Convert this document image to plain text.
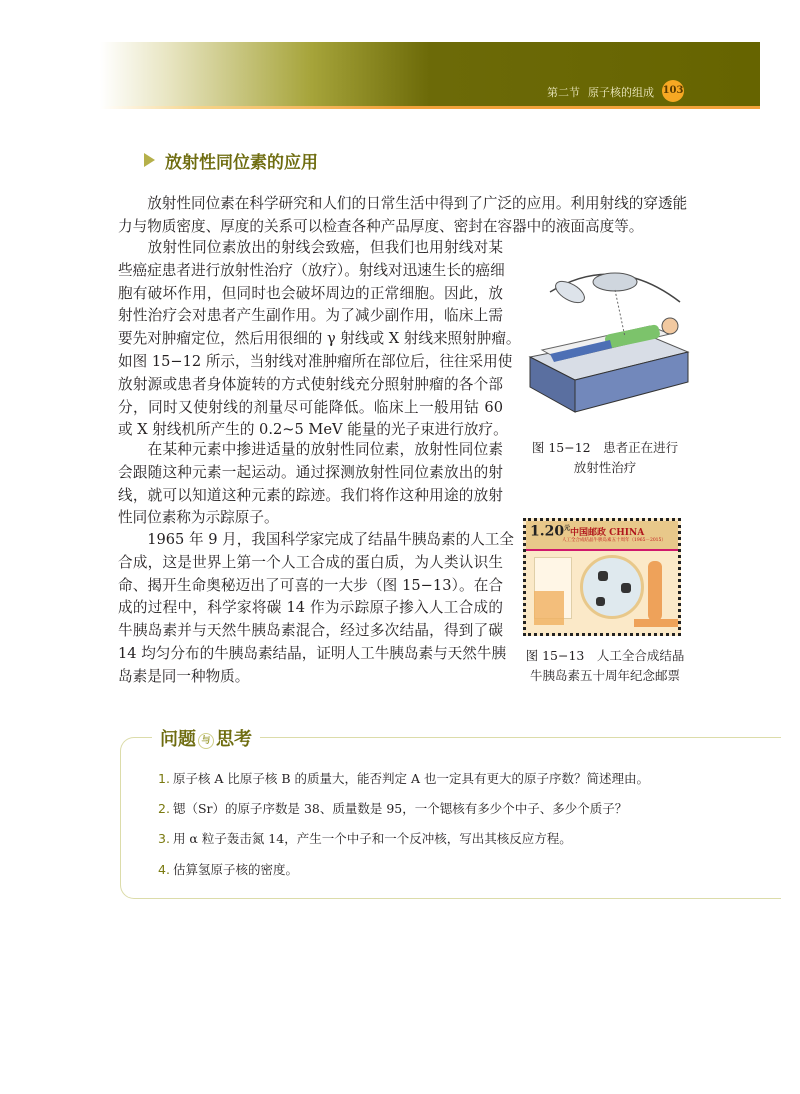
第二节 原子核的组成 103
放射性同位素的应用
　　放射性同位素在科学研究和人们的日常生活中得到了广泛的应用。利用射线的穿透能
力与物质密度、厚度的关系可以检查各种产品厚度、密封在容器中的液面高度等。
　　放射性同位素放出的射线会致癌，但我们也用射线对某
些癌症患者进行放射性治疗（放疗）。射线对迅速生长的癌细
胞有破坏作用，但同时也会破坏周边的正常细胞。因此，放
射性治疗会对患者产生副作用。为了减少副作用，临床上需
要先对肿瘤定位，然后用很细的 γ 射线或 X 射线来照射肿瘤。
如图 15−12 所示，当射线对准肿瘤所在部位后，往往采用使
放射源或患者身体旋转的方式使射线充分照射肿瘤的各个部
分，同时又使射线的剂量尽可能降低。临床上一般用钴 60
或 X 射线机所产生的 0.2~5 MeV 能量的光子束进行放疗。
　　在某种元素中掺进适量的放射性同位素，放射性同位素
会跟随这种元素一起运动。通过探测放射性同位素放出的射
线，就可以知道这种元素的踪迹。我们将作这种用途的放射
性同位素称为示踪原子。
　　1965 年 9 月，我国科学家完成了结晶牛胰岛素的人工全
合成，这是世界上第一个人工合成的蛋白质，为人类认识生
命、揭开生命奥秘迈出了可喜的一大步（图 15−13）。在合
成的过程中，科学家将碳 14 作为示踪原子掺入人工合成的
牛胰岛素并与天然牛胰岛素混合，经过多次结晶，得到了碳
14 均匀分布的牛胰岛素结晶，证明人工牛胰岛素与天然牛胰
岛素是同一种物质。
图 15−12　患者正在进行
放射性治疗
$1.20^元$ 中国邮政 CHINA
人工全合成结晶牛胰岛素五十周年（1965－2015）
图 15−13　人工全合成结晶
牛胰岛素五十周年纪念邮票
问题 与 思考
1. 原子核 A 比原子核 B 的质量大，能否判定 A 也一定具有更大的原子序数？简述理由。
2. 锶（Sr）的原子序数是 38、质量数是 95，一个锶核有多少个中子、多少个质子？
3. 用 α 粒子轰击氮 14，产生一个中子和一个反冲核，写出其核反应方程。
4. 估算氢原子核的密度。
